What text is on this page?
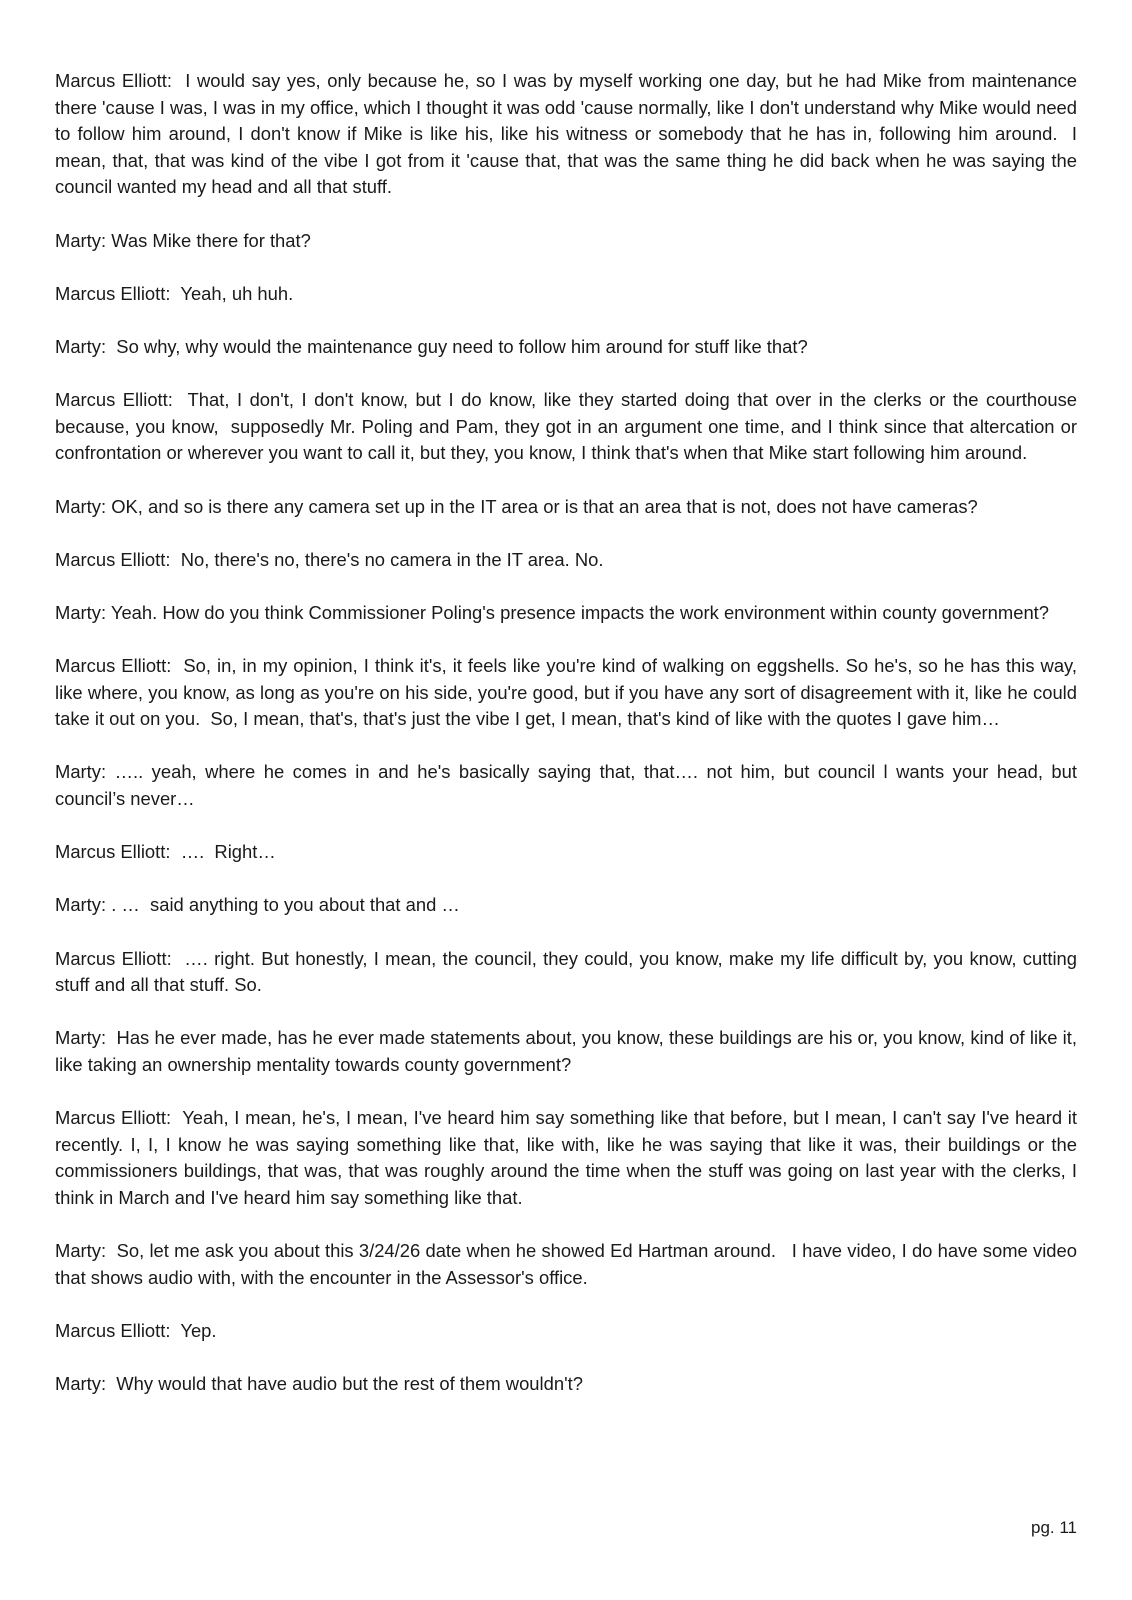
Marcus Elliott:  I would say yes, only because he, so I was by myself working one day, but he had Mike from maintenance there 'cause I was, I was in my office, which I thought it was odd 'cause normally, like I don't understand why Mike would need to follow him around, I don't know if Mike is like his, like his witness or somebody that he has in, following him around.  I mean, that, that was kind of the vibe I got from it 'cause that, that was the same thing he did back when he was saying the council wanted my head and all that stuff.

Marty: Was Mike there for that?

Marcus Elliott:  Yeah, uh huh.

Marty:  So why, why would the maintenance guy need to follow him around for stuff like that?

Marcus Elliott:  That, I don't, I don't know, but I do know, like they started doing that over in the clerks or the courthouse because, you know,  supposedly Mr. Poling and Pam, they got in an argument one time, and I think since that altercation or confrontation or wherever you want to call it, but they, you know, I think that's when that Mike start following him around.

Marty: OK, and so is there any camera set up in the IT area or is that an area that is not, does not have cameras?

Marcus Elliott:  No, there's no, there's no camera in the IT area. No.

Marty: Yeah. How do you think Commissioner Poling's presence impacts the work environment within county government?

Marcus Elliott:  So, in, in my opinion, I think it's, it feels like you're kind of walking on eggshells. So he's, so he has this way, like where, you know, as long as you're on his side, you're good, but if you have any sort of disagreement with it, like he could take it out on you.  So, I mean, that's, that's just the vibe I get, I mean, that's kind of like with the quotes I gave him…

Marty: ….. yeah, where he comes in and he's basically saying that, that…. not him, but council l wants your head, but council’s never…

Marcus Elliott:  ….  Right…

Marty: . …  said anything to you about that and …

Marcus Elliott:  …. right. But honestly, I mean, the council, they could, you know, make my life difficult by, you know, cutting stuff and all that stuff. So.

Marty:  Has he ever made, has he ever made statements about, you know, these buildings are his or, you know, kind of like it, like taking an ownership mentality towards county government?

Marcus Elliott:  Yeah, I mean, he's, I mean, I've heard him say something like that before, but I mean, I can't say I've heard it recently. I, I, I know he was saying something like that, like with, like he was saying that like it was, their buildings or the commissioners buildings, that was, that was roughly around the time when the stuff was going on last year with the clerks, I think in March and I've heard him say something like that.

Marty:  So, let me ask you about this 3/24/26 date when he showed Ed Hartman around.   I have video, I do have some video that shows audio with, with the encounter in the Assessor's office.

Marcus Elliott:  Yep.

Marty:  Why would that have audio but the rest of them wouldn't?

pg. 11
